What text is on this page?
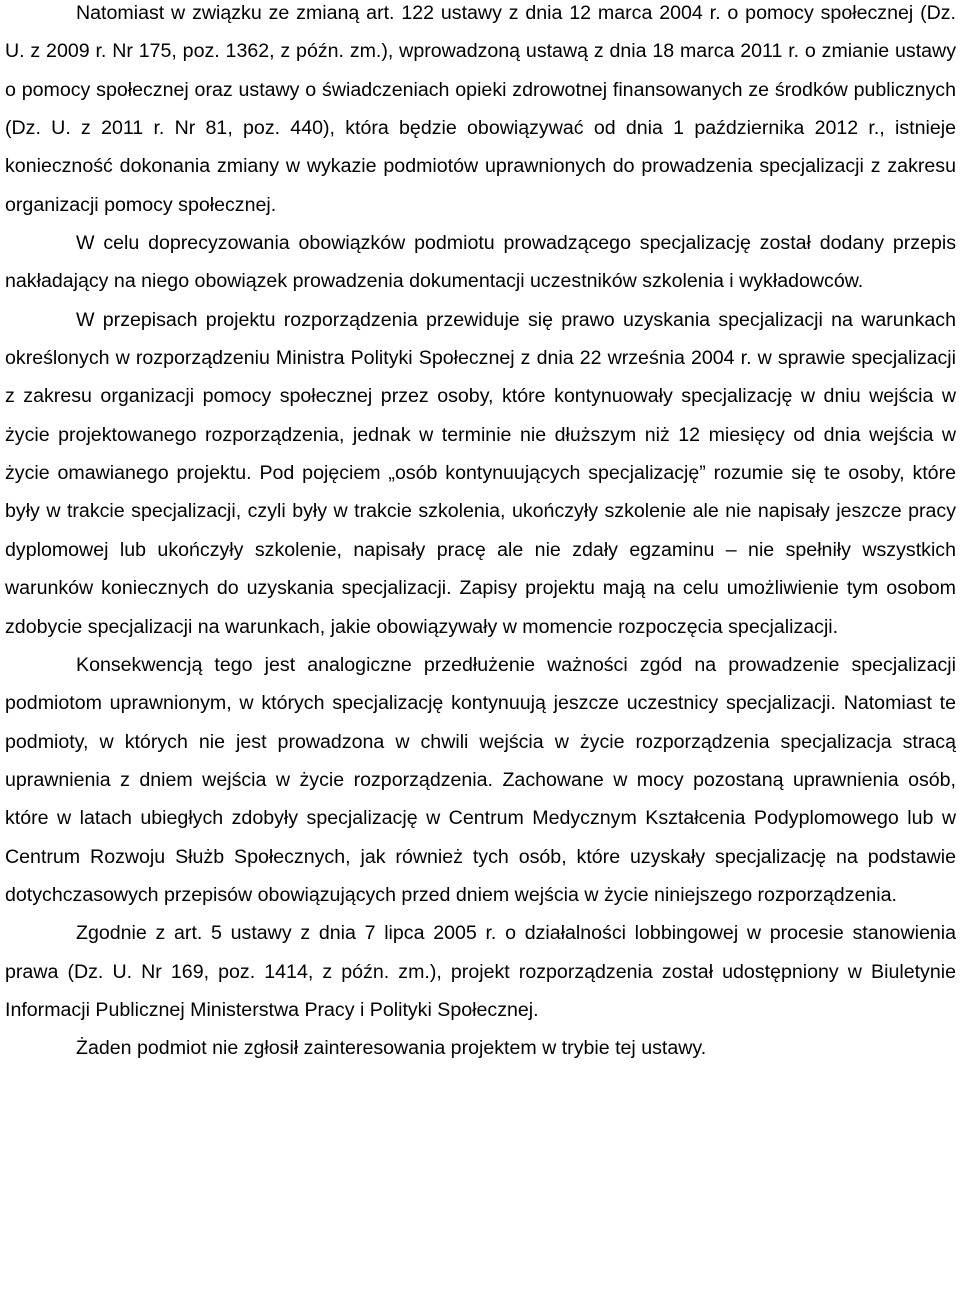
Natomiast w związku ze zmianą art. 122 ustawy z dnia 12 marca 2004 r. o pomocy społecznej (Dz. U. z 2009 r. Nr 175, poz. 1362, z późn. zm.), wprowadzoną ustawą z dnia 18 marca 2011 r. o zmianie ustawy o pomocy społecznej oraz ustawy o świadczeniach opieki zdrowotnej finansowanych ze środków publicznych (Dz. U. z 2011 r. Nr 81, poz. 440), która będzie obowiązywać od dnia 1 października 2012 r., istnieje konieczność dokonania zmiany w wykazie podmiotów uprawnionych do prowadzenia specjalizacji z zakresu organizacji pomocy społecznej.

W celu doprecyzowania obowiązków podmiotu prowadzącego specjalizację został dodany przepis nakładający na niego obowiązek prowadzenia dokumentacji uczestników szkolenia i wykładowców.

W przepisach projektu rozporządzenia przewiduje się prawo uzyskania specjalizacji na warunkach określonych w rozporządzeniu Ministra Polityki Społecznej z dnia 22 września 2004 r. w sprawie specjalizacji z zakresu organizacji pomocy społecznej przez osoby, które kontynuowały specjalizację w dniu wejścia w życie projektowanego rozporządzenia, jednak w terminie nie dłuższym niż 12 miesięcy od dnia wejścia w życie omawianego projektu. Pod pojęciem „osób kontynuujących specjalizację” rozumie się te osoby, które były w trakcie specjalizacji, czyli były w trakcie szkolenia, ukończyły szkolenie ale nie napisały jeszcze pracy dyplomowej lub ukończyły szkolenie, napisały pracę ale nie zdały egzaminu – nie spełniły wszystkich warunków koniecznych do uzyskania specjalizacji. Zapisy projektu mają na celu umożliwienie tym osobom zdobycie specjalizacji na warunkach, jakie obowiązywały w momencie rozpoczęcia specjalizacji.

Konsekwencją tego jest analogiczne przedłużenie ważności zgód na prowadzenie specjalizacji podmiotom uprawnionym, w których specjalizację kontynuują jeszcze uczestnicy specjalizacji. Natomiast te podmioty, w których nie jest prowadzona w chwili wejścia w życie rozporządzenia specjalizacja stracą uprawnienia z dniem wejścia w życie rozporządzenia. Zachowane w mocy pozostaną uprawnienia osób, które w latach ubiegłych zdobyły specjalizację w Centrum Medycznym Kształcenia Podyplomowego lub w Centrum Rozwoju Służb Społecznych, jak również tych osób, które uzyskały specjalizację na podstawie dotychczasowych przepisów obowiązujących przed dniem wejścia w życie niniejszego rozporządzenia.

Zgodnie z art. 5 ustawy z dnia 7 lipca 2005 r. o działalności lobbingowej w procesie stanowienia prawa (Dz. U. Nr 169, poz. 1414, z późn. zm.), projekt rozporządzenia został udostępniony w Biuletynie Informacji Publicznej Ministerstwa Pracy i Polityki Społecznej.

Żaden podmiot nie zgłosił zainteresowania projektem w trybie tej ustawy.
